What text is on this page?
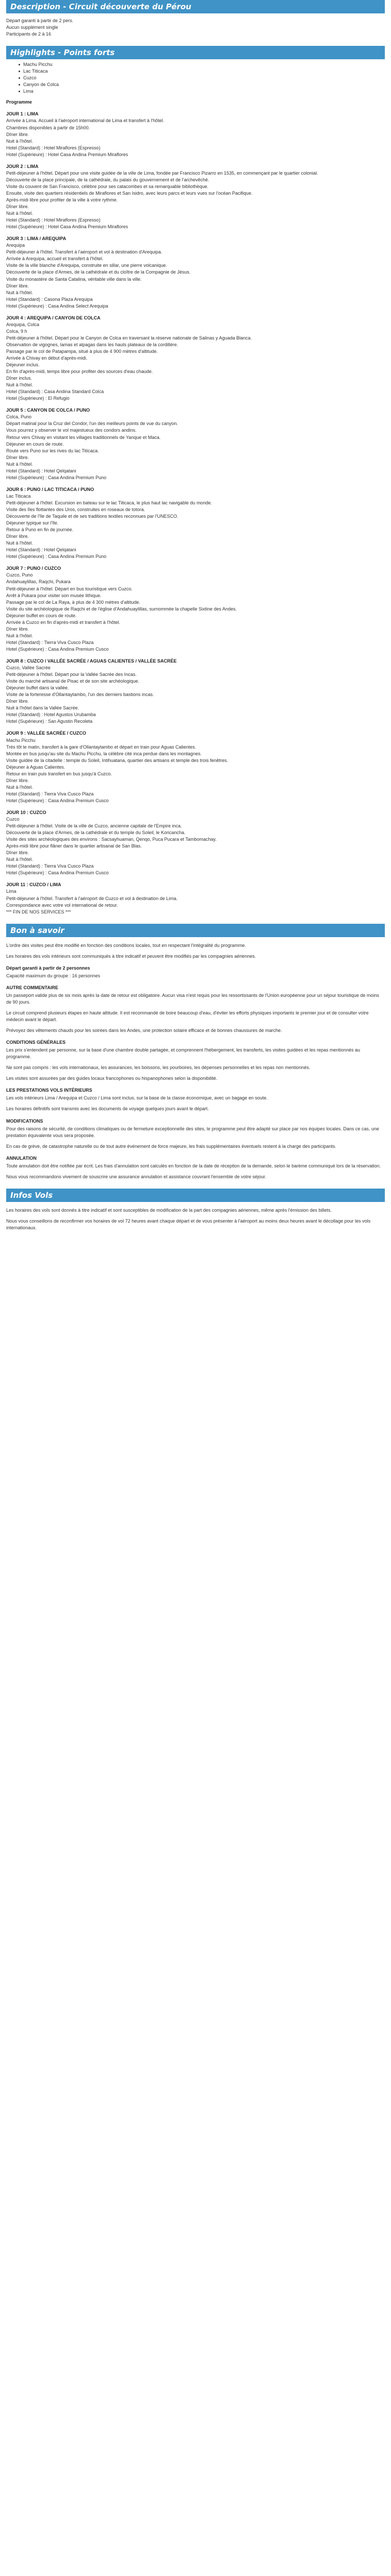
Description - Circuit découverte du Pérou
Départ garanti à partir de 2 pers.
Aucun supplément single
Participants de 2 à 16
Highlights - Points forts
Machu Picchu
Lac Titicaca
Cuzco
Canyon de Colca
Lima
Programme
JOUR 1 : LIMA

Arrivée à Lima. Accueil à l'aéroport international de Lima et transfert à l'hôtel.

Chambres disponibles à partir de 15h00.

Dîner libre.

Nuit à l'hôtel.

Hotel (Standard) : Hotel Miraflores (Espresso)

Hotel (Supérieure) : Hotel Casa Andina Premium Miraflores

JOUR 2 : LIMA

Petit-déjeuner à l'hôtel. Départ pour une visite guidée de la ville de Lima, fondée par Francisco Pizarro en 1535, en commençant par le quartier colonial.

Découverte de la place principale, de la cathédrale, du palais du gouvernement et de l'archevêché.

Visite du couvent de San Francisco, célèbre pour ses catacombes et sa remarquable bibliothèque.

Ensuite, visite des quartiers résidentiels de Miraflores et San Isidro, avec leurs parcs et leurs vues sur l'océan Pacifique.

Après-midi libre pour profiter de la ville à votre rythme.

Dîner libre.

Nuit à l'hôtel.

Hotel (Standard) : Hotel Miraflores (Espresso)

Hotel (Supérieure) : Hotel Casa Andina Premium Miraflores

JOUR 3 : LIMA / AREQUIPA

Arequipa

Petit-déjeuner à l'hôtel. Transfert à l'aéroport et vol à destination d'Arequipa.

Arrivée à Arequipa, accueil et transfert à l'hôtel.

Visite de la ville blanche d'Arequipa, construite en sillar, une pierre volcanique.

Découverte de la place d'Armes, de la cathédrale et du cloître de la Compagnie de Jésus.

Visite du monastère de Santa Catalina, véritable ville dans la ville.

Dîner libre.

Nuit à l'hôtel.

Hotel (Standard) : Casona Plaza Arequipa

Hotel (Supérieure) : Casa Andina Select Arequipa

JOUR 4 : AREQUIPA / CANYON DE COLCA

Arequipa, Colca

Colca, 9 h

Petit-déjeuner à l'hôtel. Départ pour le Canyon de Colca en traversant la réserve nationale de Salinas y Aguada Blanca.

Observation de vigognes, lamas et alpagas dans les hauts plateaux de la cordillère.

Passage par le col de Patapampa, situé à plus de 4 900 mètres d'altitude.

Arrivée à Chivay en début d'après-midi.

Déjeuner inclus.

En fin d'après-midi, temps libre pour profiter des sources d'eau chaude.

Dîner inclus.

Nuit à l'hôtel.

Hotel (Standard) : Casa Andina Standard Colca

Hotel (Supérieure) : El Refugio

JOUR 5 : CANYON DE COLCA / PUNO

Colca, Puno

Départ matinal pour la Cruz del Condor, l'un des meilleurs points de vue du canyon.

Vous pourrez y observer le vol majestueux des condors andins.

Retour vers Chivay en visitant les villages traditionnels de Yanque et Maca.

Déjeuner en cours de route.

Route vers Puno sur les rives du lac Titicaca.

Dîner libre.

Nuit à l'hôtel.

Hotel (Standard) : Hotel Qelqatani

Hotel (Supérieure) : Casa Andina Premium Puno

JOUR 6 : PUNO / LAC TITICACA / PUNO

Lac Titicaca

Petit-déjeuner à l'hôtel. Excursion en bateau sur le lac Titicaca, le plus haut lac navigable du monde.

Visite des îles flottantes des Uros, construites en roseaux de totora.

Découverte de l'île de Taquile et de ses traditions textiles reconnues par l'UNESCO.

Déjeuner typique sur l'île.

Retour à Puno en fin de journée.

Dîner libre.

Nuit à l'hôtel.

Hotel (Standard) : Hotel Qelqatani

Hotel (Supérieure) : Casa Andina Premium Puno

JOUR 7 : PUNO / CUZCO

Cuzco, Puno

Andahuaylillas, Raqchi, Pukara

Petit-déjeuner à l'hôtel. Départ en bus touristique vers Cuzco.

Arrêt à Pukara pour visiter son musée lithique.

Passage par le col de La Raya, à plus de 4 300 mètres d'altitude.

Visite du site archéologique de Raqchi et de l'église d'Andahuaylillas, surnommée la chapelle Sixtine des Andes.

Déjeuner buffet en cours de route.

Arrivée à Cuzco en fin d'après-midi et transfert à l'hôtel.

Dîner libre.

Nuit à l'hôtel.

Hotel (Standard) : Tierra Viva Cusco Plaza

Hotel (Supérieure) : Casa Andina Premium Cusco

JOUR 8 : CUZCO / VALLÉE SACRÉE / AGUAS CALIENTES / VALLÉE SACRÉE

Cuzco, Vallée Sacrée

Petit-déjeuner à l'hôtel. Départ pour la Vallée Sacrée des Incas.

Visite du marché artisanal de Pisac et de son site archéologique.

Déjeuner buffet dans la vallée.

Visite de la forteresse d'Ollantaytambo, l'un des derniers bastions incas.

Dîner libre.

Nuit à l'hôtel dans la Vallée Sacrée.

Hotel (Standard) : Hotel Agustos Urubamba

Hotel (Supérieure) : San Agustin Recoleta

JOUR 9 : VALLÉE SACRÉE / CUZCO

Machu Picchu

Très tôt le matin, transfert à la gare d'Ollantaytambo et départ en train pour Aguas Calientes.

Montée en bus jusqu'au site du Machu Picchu, la célèbre cité inca perdue dans les montagnes.

Visite guidée de la citadelle : temple du Soleil, Intihuatana, quartier des artisans et temple des trois fenêtres.

Déjeuner à Aguas Calientes.

Retour en train puis transfert en bus jusqu'à Cuzco.

Dîner libre.

Nuit à l'hôtel.

Hotel (Standard) : Tierra Viva Cusco Plaza

Hotel (Supérieure) : Casa Andina Premium Cusco

JOUR 10 : CUZCO

Cuzco

Petit-déjeuner à l'hôtel. Visite de la ville de Cuzco, ancienne capitale de l'Empire inca.

Découverte de la place d'Armes, de la cathédrale et du temple du Soleil, le Koricancha.

Visite des sites archéologiques des environs : Sacsayhuaman, Qenqo, Puca Pucara et Tambomachay.

Après-midi libre pour flâner dans le quartier artisanal de San Blas.

Dîner libre.

Nuit à l'hôtel.

Hotel (Standard) : Tierra Viva Cusco Plaza

Hotel (Supérieure) : Casa Andina Premium Cusco

JOUR 11 : CUZCO / LIMA

Lima

Petit-déjeuner à l'hôtel. Transfert à l'aéroport de Cuzco et vol à destination de Lima.

Correspondance avec votre vol international de retour.

*** FIN DE NOS SERVICES ***

Bon à savoir

L'ordre des visites peut être modifié en fonction des conditions locales, tout en respectant l'intégralité du programme.

Les horaires des vols intérieurs sont communiqués à titre indicatif et peuvent être modifiés par les compagnies aériennes.

Départ garanti à partir de 2 personnes

Capacité maximum du groupe : 16 personnes

AUTRE COMMENTAIRE

Un passeport valide plus de six mois après la date de retour est obligatoire. Aucun visa n'est requis pour les ressortissants de l'Union européenne pour un séjour touristique de moins de 90 jours.

Le circuit comprend plusieurs étapes en haute altitude. Il est recommandé de boire beaucoup d'eau, d'éviter les efforts physiques importants le premier jour et de consulter votre médecin avant le départ.

Prévoyez des vêtements chauds pour les soirées dans les Andes, une protection solaire efficace et de bonnes chaussures de marche.

CONDITIONS GÉNÉRALES

Les prix s'entendent par personne, sur la base d'une chambre double partagée, et comprennent l'hébergement, les transferts, les visites guidées et les repas mentionnés au programme.

Ne sont pas compris : les vols internationaux, les assurances, les boissons, les pourboires, les dépenses personnelles et les repas non mentionnés.

Les visites sont assurées par des guides locaux francophones ou hispanophones selon la disponibilité.

LES PRESTATIONS VOLS INTÉRIEURS

Les vols intérieurs Lima / Arequipa et Cuzco / Lima sont inclus, sur la base de la classe économique, avec un bagage en soute.

Les horaires définitifs sont transmis avec les documents de voyage quelques jours avant le départ.

MODIFICATIONS

Pour des raisons de sécurité, de conditions climatiques ou de fermeture exceptionnelle des sites, le programme peut être adapté sur place par nos équipes locales. Dans ce cas, une prestation équivalente vous sera proposée.

En cas de grève, de catastrophe naturelle ou de tout autre événement de force majeure, les frais supplémentaires éventuels restent à la charge des participants.

ANNULATION

Toute annulation doit être notifiée par écrit. Les frais d'annulation sont calculés en fonction de la date de réception de la demande, selon le barème communiqué lors de la réservation.

Nous vous recommandons vivement de souscrire une assurance annulation et assistance couvrant l'ensemble de votre séjour.

Infos Vols

Les horaires des vols sont donnés à titre indicatif et sont susceptibles de modification de la part des compagnies aériennes, même après l'émission des billets.

Nous vous conseillons de reconfirmer vos horaires de vol 72 heures avant chaque départ et de vous présenter à l'aéroport au moins deux heures avant le décollage pour les vols internationaux.
